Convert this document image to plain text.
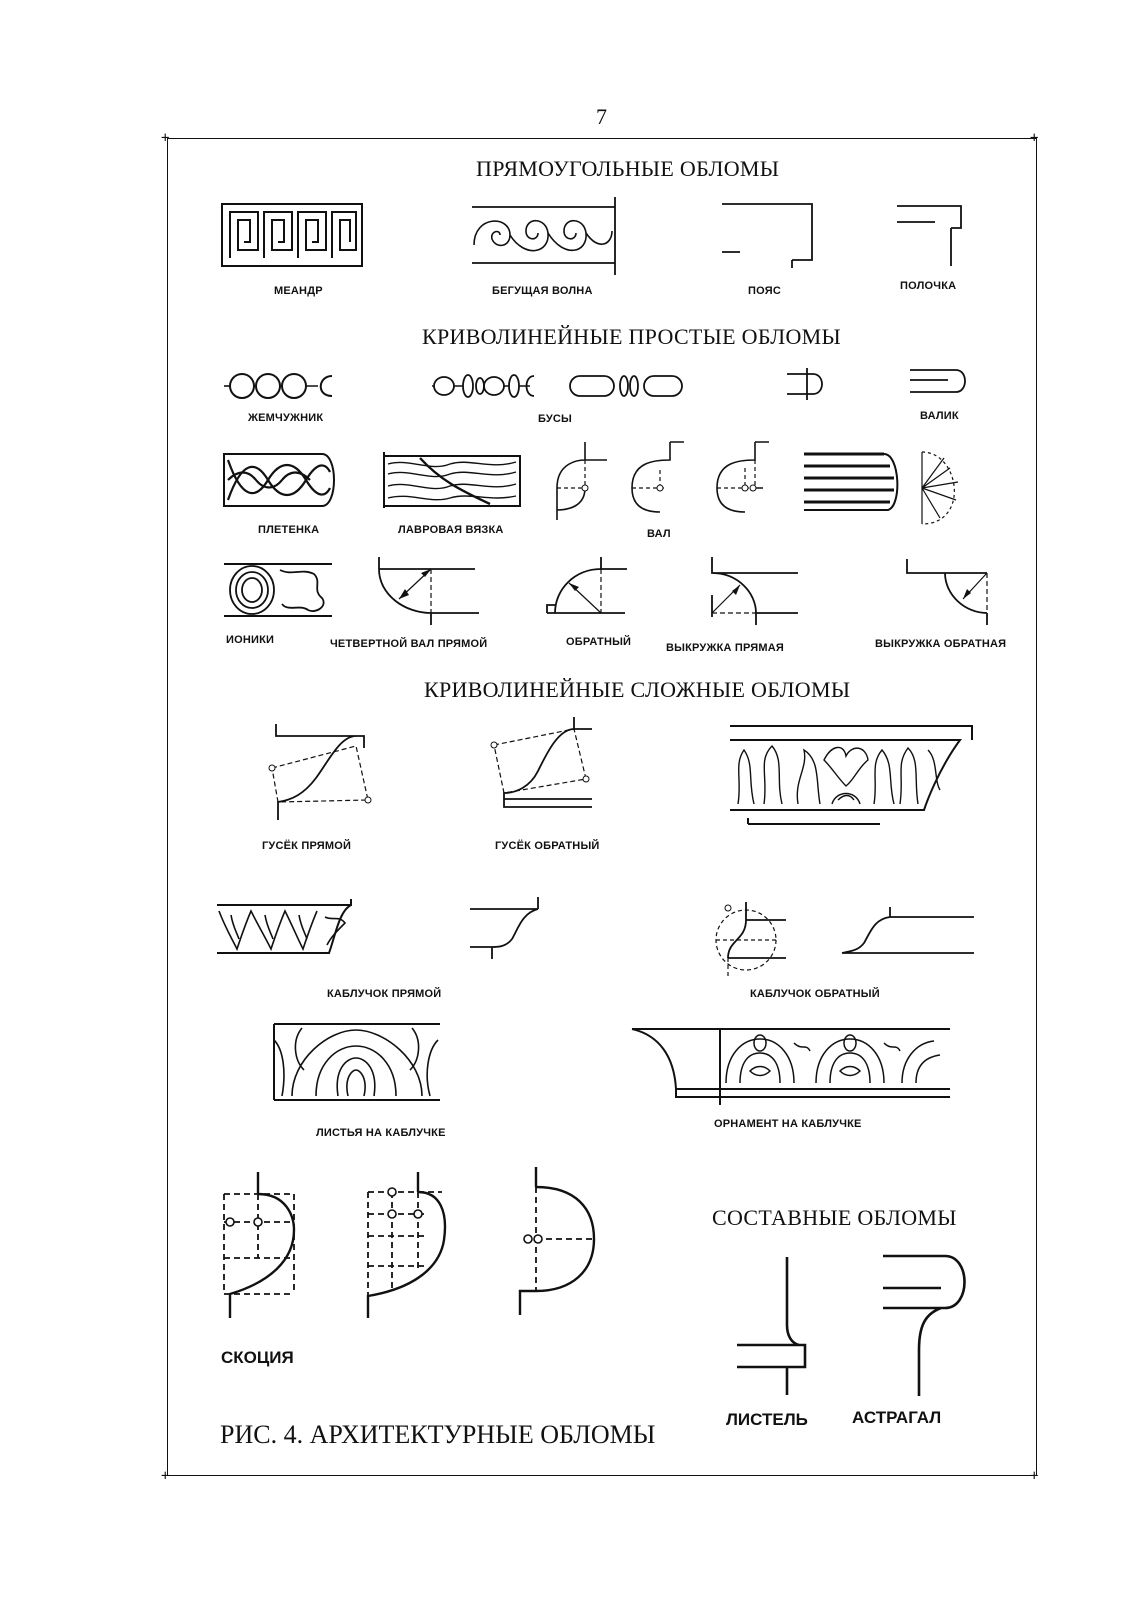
7
+	+
+	+
ПРЯМОУГОЛЬНЫЕ ОБЛОМЫ
КРИВОЛИНЕЙНЫЕ ПРОСТЫЕ ОБЛОМЫ
КРИВОЛИНЕЙНЫЕ СЛОЖНЫЕ ОБЛОМЫ
СОСТАВНЫЕ ОБЛОМЫ
МЕАНДР	БЕГУЩАЯ ВОЛНА	ПОЯС	ПОЛОЧКА
ЖЕМЧУЖНИК	БУСЫ	ВАЛИК
ПЛЕТЕНКА	ЛАВРОВАЯ ВЯЗКА	ВАЛ
ИОНИКИ	ЧЕТВЕРТНОЙ ВАЛ ПРЯМОЙ	ОБРАТНЫЙ	ВЫКРУЖКА ПРЯМАЯ	ВЫКРУЖКА ОБРАТНАЯ
ГУСЁК ПРЯМОЙ	ГУСЁК ОБРАТНЫЙ
КАБЛУЧОК ПРЯМОЙ	КАБЛУЧОК ОБРАТНЫЙ
ЛИСТЬЯ НА КАБЛУЧКЕ
ОРНАМЕНТ НА КАБЛУЧКЕ
СКОЦИЯ
ЛИСТЕЛЬ	АСТРАГАЛ
РИС. 4. АРХИТЕКТУРНЫЕ ОБЛОМЫ
